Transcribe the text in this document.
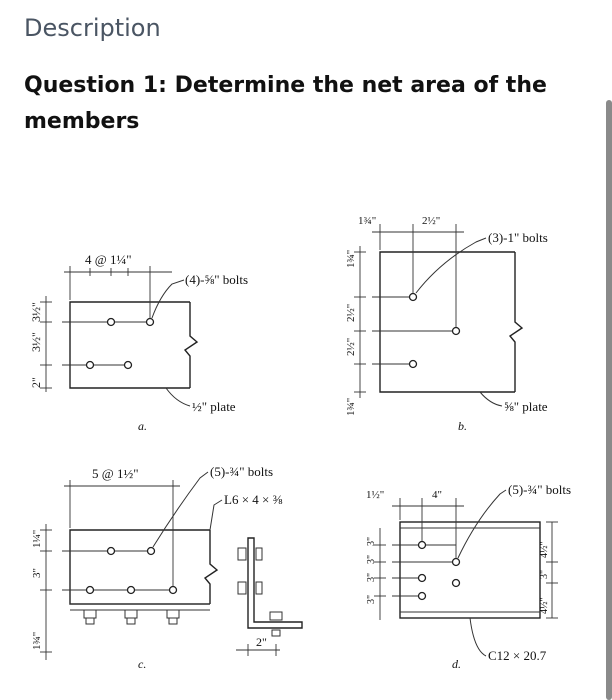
Description
Question 1: Determine the net area of the members
4 @ 1¼"
(4)-⅝" bolts
½" plate
3½"
3½"
2"
a.
1¾"	2½"
(3)-1" bolts
⅝" plate
1¾"
2½"
2½"
1¾"
b.
5 @ 1½"	(5)-¾" bolts
L6 × 4 × ⅜
2"
1¼"
3"
1¾"
c.
1½"	4"	(5)-¾" bolts
C12 × 20.7
3"
3"
3"
3"
4½"
3"
4½"
d.
